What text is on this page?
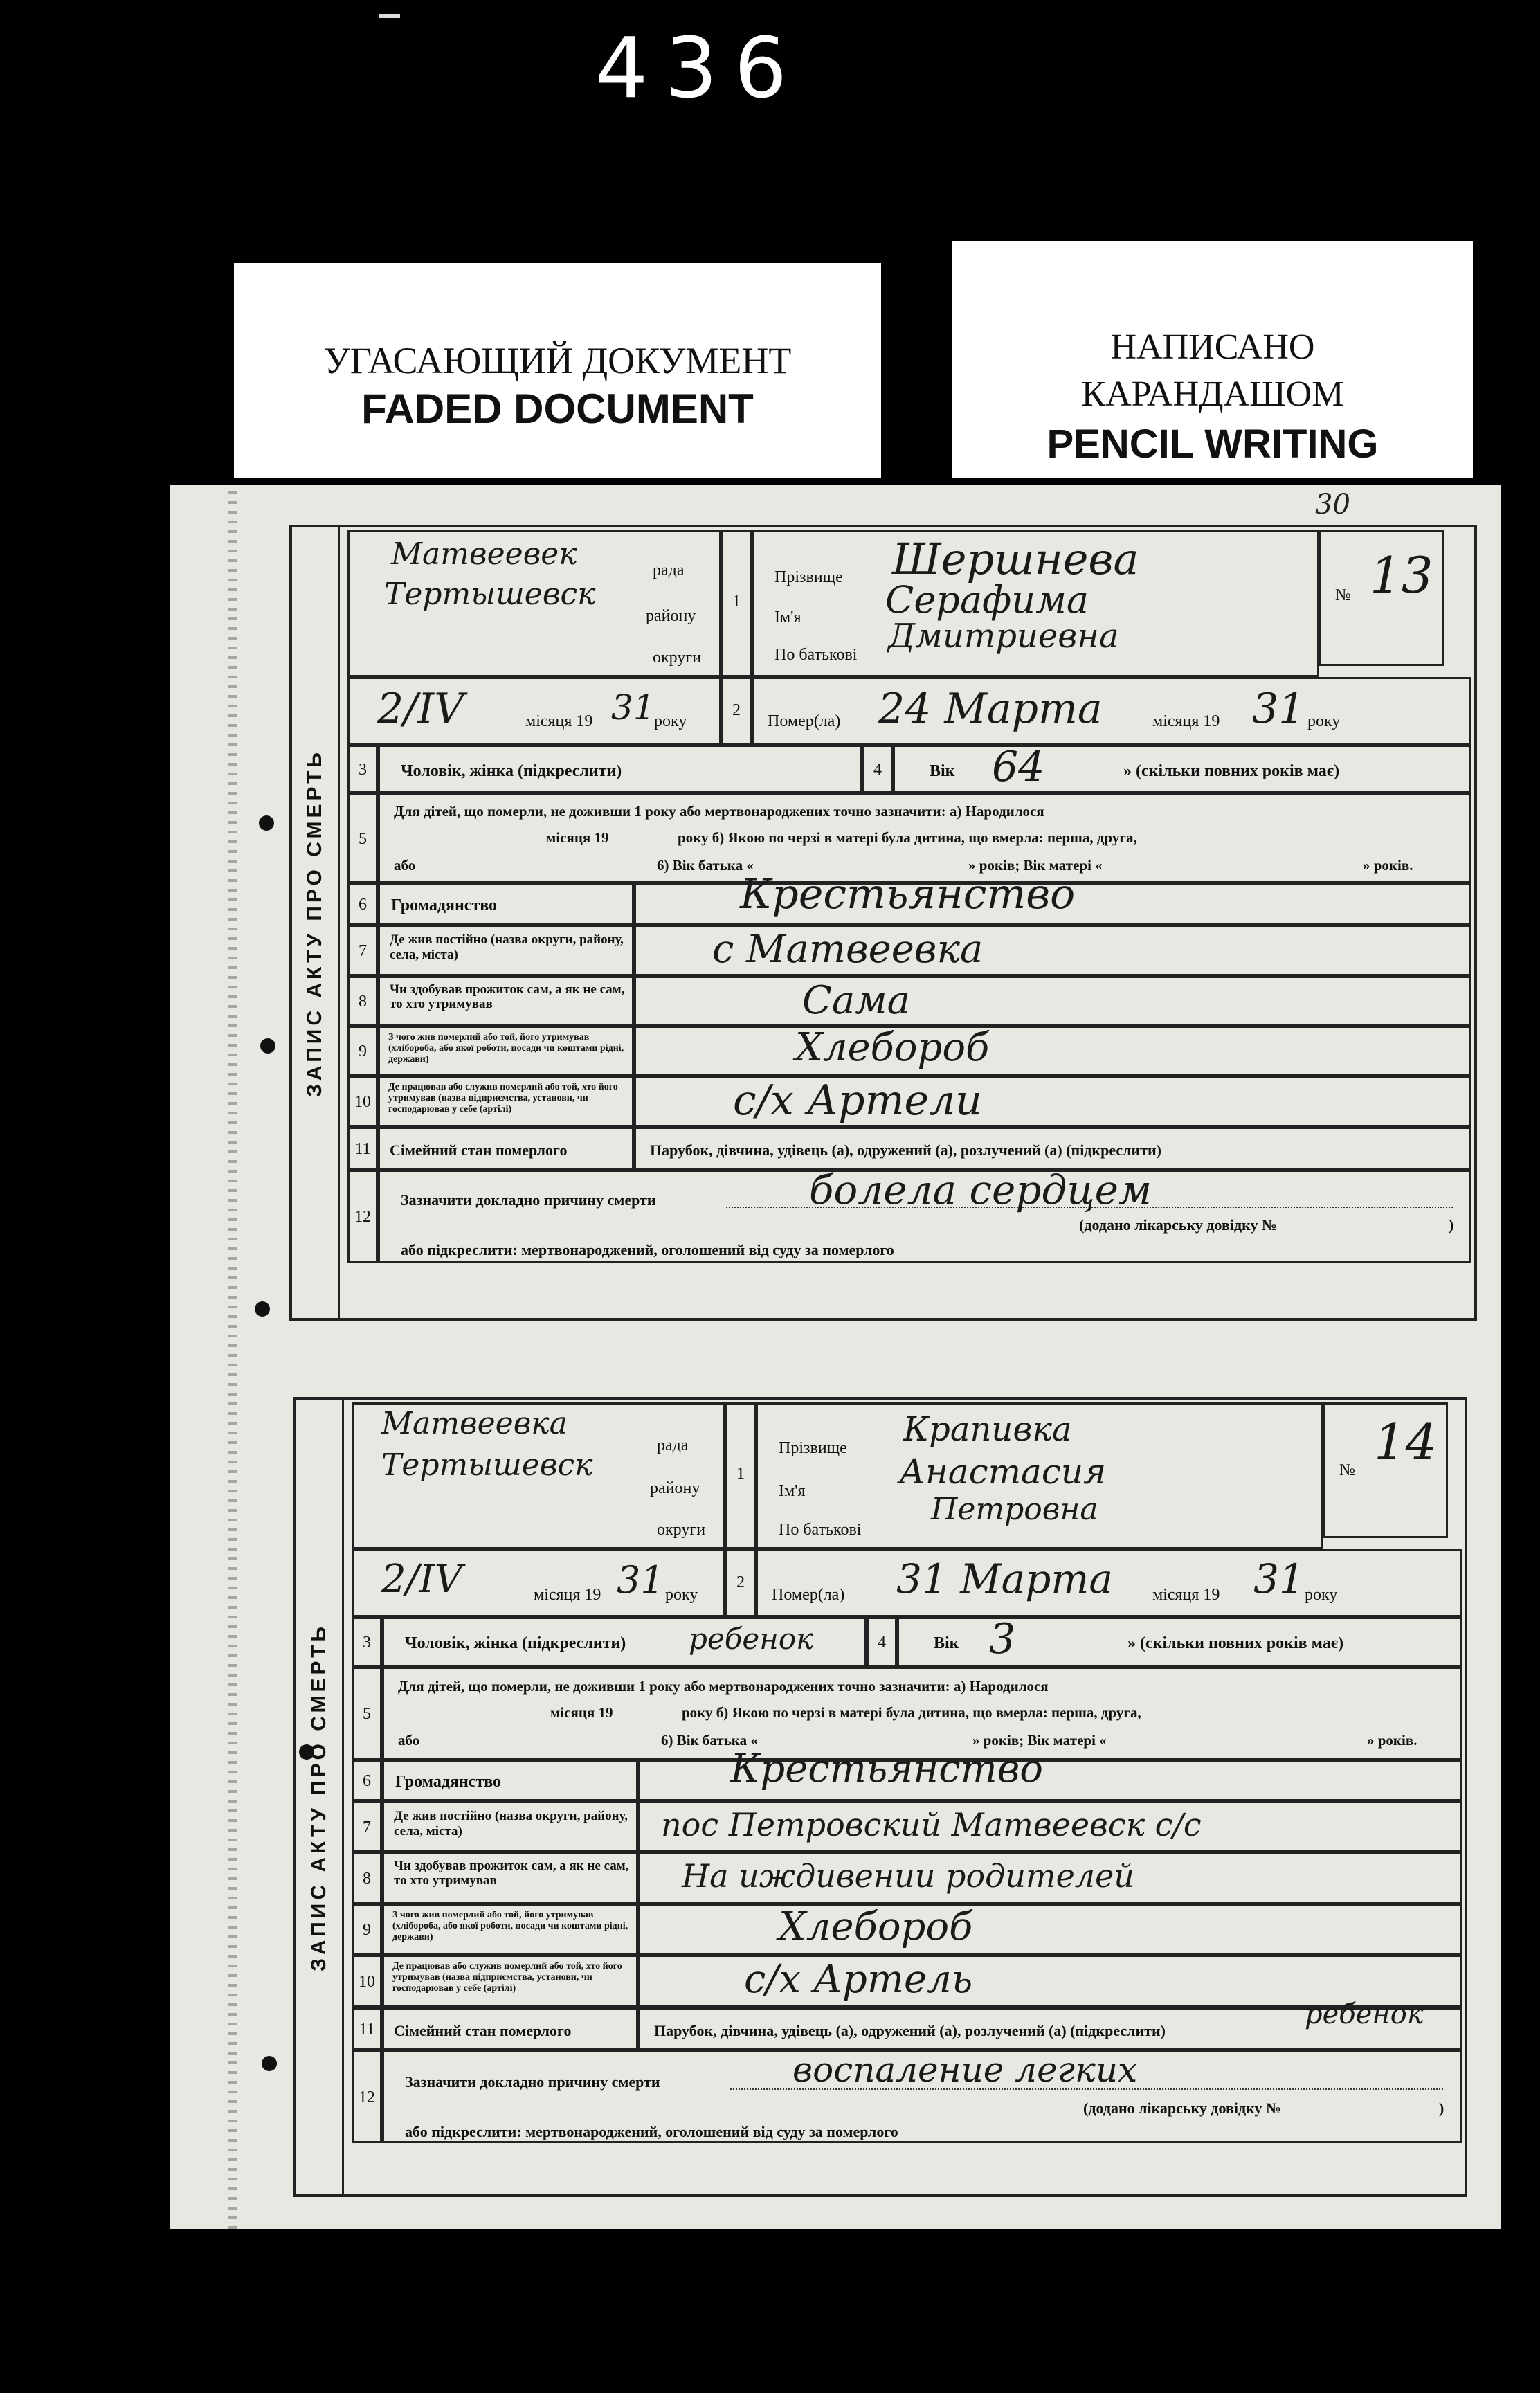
436
УГАСАЮЩИЙ ДОКУМЕНТ
FADED DOCUMENT
НАПИСАНО
КАРАНДАШОМ
PENCIL WRITING
30
ЗАПИС АКТУ ПРО СМЕРТЬ
Матвеевек	рада
Тертышевск
району
округи
2/IV	місяця 19 31
року
1
Прізвище Шершнева
Ім'я Серафима
По батькові Дмитриевна
№ 13
2
Помер(ла) 24 Марта	місяця 19 31 року
3	Чоловік, жінка (підкреслити)	4	Вік 64	» (скільки повних років має)
5
Для дітей, що померли, не доживши 1 року або мертвонароджених точно зазначити: а) Народилося
місяця 19	року б) Якою по черзі в матері була дитина, що вмерла: перша, друга,
або	6) Вік батька «	» років; Вік матері «	» років.
6	Громадянство	Крестьянство
7
Де жив постійно (назва округи, району, села, міста)	с Матвеевка
8
Чи здобував прожиток сам, а як не сам, то хто утримував	Сама
9
З чого жив померлий або той, його утримував (хлібороба, або якої роботи, посади чи коштами рідні, держави)	Хлебороб
10
Де працював або служив померлий або той, хто його утримував (назва підприємства, установи, чи господарював у себе (артілі)	с/х Артели
11	Сімейний стан померлого	Парубок, дівчина, удівець (а), одружений (а), розлучений (а) (підкреслити)
12
Зазначити докладно причину смерти	болела сердцем
(додано лікарську довідку №	)
або підкреслити: мертвонароджений, оголошений від суду за померлого
ЗАПИС АКТУ ПРО СМЕРТЬ
Матвеевка
рада
Тертышевск
району
округи
2/IV	місяця 19 31 року
1
Прізвище Крапивка
Ім'я	Анастасия
По батькові
Петровна
№ 14
2
Помер(ла) 31 Марта місяця 19 31 року
3	Чоловік, жінка (підкреслити) ребенок	4	Вік 3	» (скільки повних років має)
5
Для дітей, що померли, не доживши 1 року або мертвонароджених точно зазначити: а) Народилося
місяця 19	року б) Якою по черзі в матері була дитина, що вмерла: перша, друга,
або	6) Вік батька «	» років; Вік матері «	» років.
6	Громадянство	Крестьянство
7
Де жив постійно (назва округи, району, села, міста)	пос Петровский Матвеевск с/с
8
Чи здобував прожиток сам, а як не сам, то хто утримував	На иждивении родителей
9
З чого жив померлий або той, його утримував (хлібороба, або якої роботи, посади чи коштами рідні, держави)	Хлебороб
10
Де працював або служив померлий або той, хто його утримував (назва підприємства, установи, чи господарював у себе (артілі)	с/х Артель
11	Сімейний стан померлого	Парубок, дівчина, удівець (а), одружений (а), розлучений (а) (підкреслити)
ребенок
12
Зазначити докладно причину смерти	воспаление легких
(додано лікарську довідку №	)
або підкреслити: мертвонароджений, оголошений від суду за померлого
